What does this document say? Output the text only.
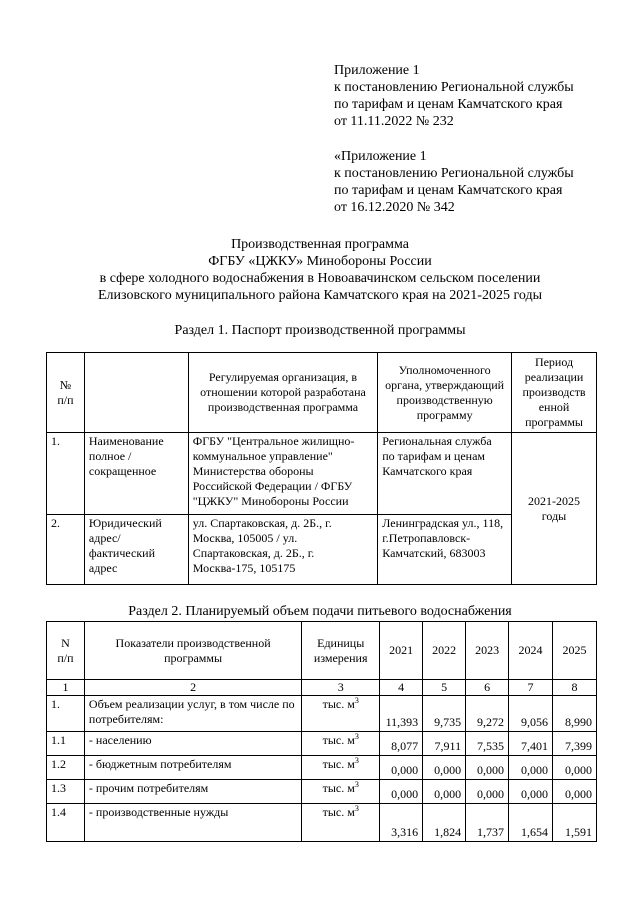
Приложение 1
к постановлению Региональной службы
по тарифам и ценам Камчатского края
от 11.11.2022 № 232
«Приложение 1
к постановлению Региональной службы
по тарифам и ценам Камчатского края
от 16.12.2020 № 342
Производственная программа
ФГБУ «ЦЖКУ» Минобороны России
в сфере холодного водоснабжения в Новоавачинском сельском поселении
Елизовского муниципального района Камчатского края на 2021-2025 годы
Раздел 1. Паспорт производственной программы
№
п/п		Регулируемая организация, в отношении которой разработана производственная программа	Уполномоченного органа, утверждающий производственную программу	Период реализации производств енной программы
1.	Наименование полное / сокращенное	ФГБУ "Центральное жилищно-коммунальное управление" Министерства обороны Российской Федерации / ФГБУ "ЦЖКУ" Минобороны России	Региональная служба по тарифам и ценам Камчатского края	2021-2025 годы
2.	Юридический адрес/ фактический адрес	ул. Спартаковская, д. 2Б., г. Москва, 105005 / ул. Спартаковская, д. 2Б., г. Москва-175, 105175	Ленинградская ул., 118, г.Петропавловск-Камчатский, 683003	
Раздел 2. Планируемый объем подачи питьевого водоснабжения
N
п/п	Показатели производственной программы	Единицы измерения	2021	2022	2023	2024	2025
1	2	3	4	5	6	7	8
1.	Объем реализации услуг, в том числе по потребителям:	тыс. $м^3$	11,393	9,735	9,272	9,056	8,990
1.1	- населению	тыс. $м^3$	8,077	7,911	7,535	7,401	7,399
1.2	- бюджетным потребителям	тыс. $м^3$	0,000	0,000	0,000	0,000	0,000
1.3	- прочим потребителям	тыс. $м^3$	0,000	0,000	0,000	0,000	0,000
1.4	- производственные нужды	тыс. $м^3$	3,316	1,824	1,737	1,654	1,591
